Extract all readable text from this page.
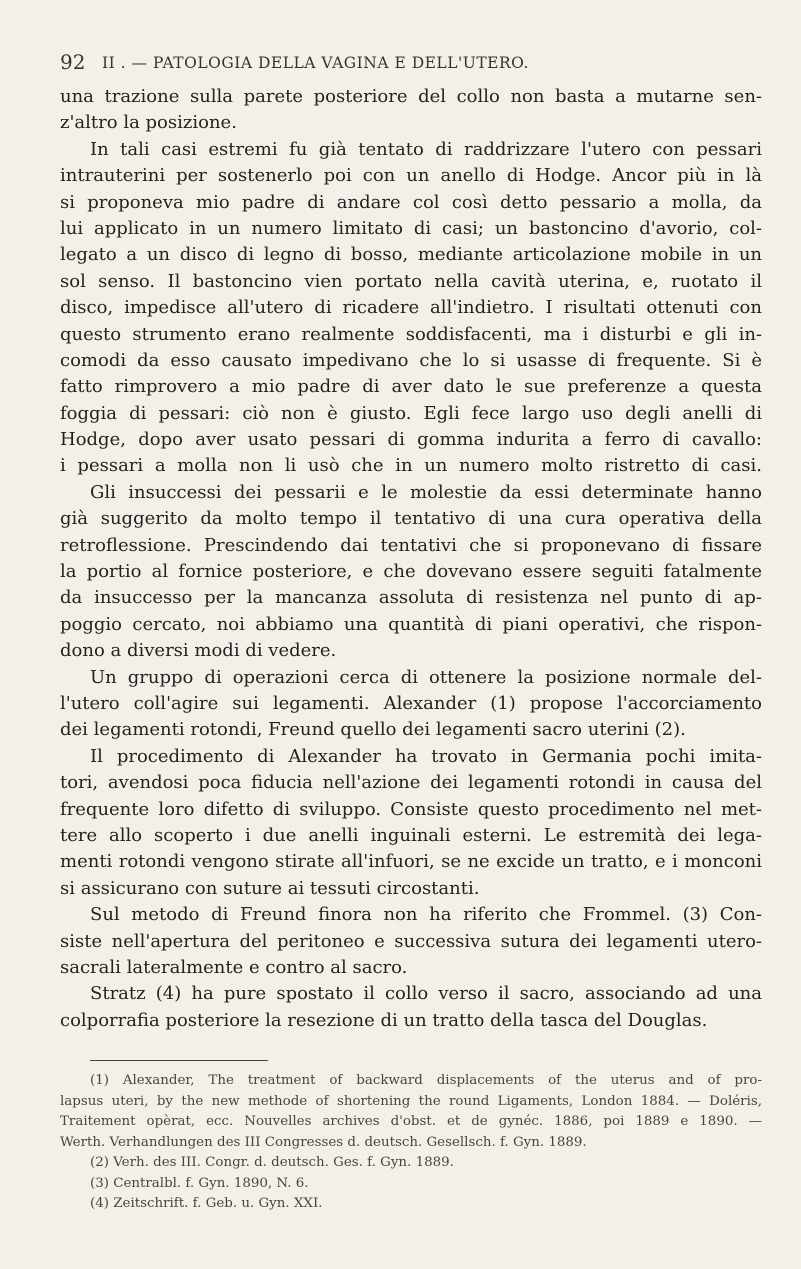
92 II . — PATOLOGIA DELLA VAGINA E DELL'UTERO.
una trazione sulla parete posteriore del collo non basta a mutarne sen-
z'altro la posizione.
In tali casi estremi fu già tentato di raddrizzare l'utero con pessari
intrauterini per sostenerlo poi con un anello di Hodge. Ancor più in là
si proponeva mio padre di andare col così detto pessario a molla, da
lui applicato in un numero limitato di casi; un bastoncino d'avorio, col-
legato a un disco di legno di bosso, mediante articolazione mobile in un
sol senso. Il bastoncino vien portato nella cavità uterina, e, ruotato il
disco, impedisce all'utero di ricadere all'indietro. I risultati ottenuti con
questo strumento erano realmente soddisfacenti, ma i disturbi e gli in-
comodi da esso causato impedivano che lo si usasse di frequente. Si è
fatto rimprovero a mio padre di aver dato le sue preferenze a questa
foggia di pessari: ciò non è giusto. Egli fece largo uso degli anelli di
Hodge, dopo aver usato pessari di gomma indurita a ferro di cavallo:
i pessari a molla non li usò che in un numero molto ristretto di casi.
Gli insuccessi dei pessarii e le molestie da essi determinate hanno
già suggerito da molto tempo il tentativo di una cura operativa della
retroflessione. Prescindendo dai tentativi che si proponevano di fissare
la portio al fornice posteriore, e che dovevano essere seguiti fatalmente
da insuccesso per la mancanza assoluta di resistenza nel punto di ap-
poggio cercato, noi abbiamo una quantità di piani operativi, che rispon-
dono a diversi modi di vedere.
Un gruppo di operazioni cerca di ottenere la posizione normale del-
l'utero coll'agire sui legamenti. Alexander (1) propose l'accorciamento
dei legamenti rotondi, Freund quello dei legamenti sacro uterini (2).
Il procedimento di Alexander ha trovato in Germania pochi imita-
tori, avendosi poca fiducia nell'azione dei legamenti rotondi in causa del
frequente loro difetto di sviluppo. Consiste questo procedimento nel met-
tere allo scoperto i due anelli inguinali esterni. Le estremità dei lega-
menti rotondi vengono stirate all'infuori, se ne excide un tratto, e i monconi
si assicurano con suture ai tessuti circostanti.
Sul metodo di Freund finora non ha riferito che Frommel. (3) Con-
siste nell'apertura del peritoneo e successiva sutura dei legamenti utero-
sacrali lateralmente e contro al sacro.
Stratz (4) ha pure spostato il collo verso il sacro, associando ad una
colporrafia posteriore la resezione di un tratto della tasca del Douglas.
(1) Alexander, The treatment of backward displacements of the uterus and of pro-
lapsus uteri, by the new methode of shortening the round Ligaments, London 1884. — Doléris,
Traitement opèrat, ecc. Nouvelles archives d'obst. et de gynéc. 1886, poi 1889 e 1890. —
Werth. Verhandlungen des III Congresses d. deutsch. Gesellsch. f. Gyn. 1889.
(2) Verh. des III. Congr. d. deutsch. Ges. f. Gyn. 1889.
(3) Centralbl. f. Gyn. 1890, N. 6.
(4) Zeitschrift. f. Geb. u. Gyn. XXI.
